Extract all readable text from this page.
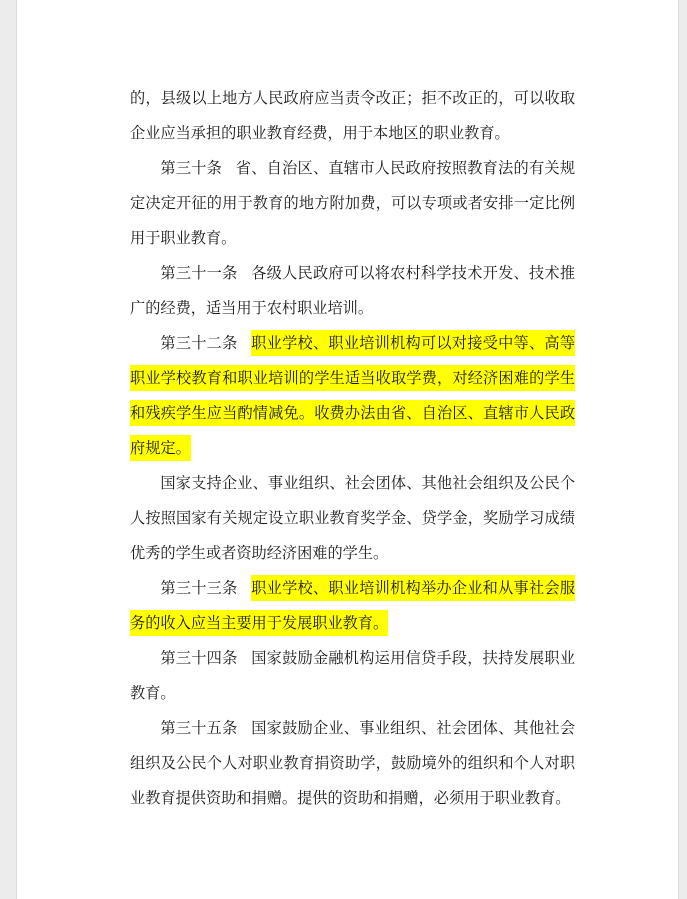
的，县级以上地方人民政府应当责令改正；拒不改正的，可以收取企业应当承担的职业教育经费，用于本地区的职业教育。

第三十条 省、自治区、直辖市人民政府按照教育法的有关规定决定开征的用于教育的地方附加费，可以专项或者安排一定比例用于职业教育。

第三十一条 各级人民政府可以将农村科学技术开发、技术推广的经费，适当用于农村职业培训。

第三十二条 职业学校、职业培训机构可以对接受中等、高等职业学校教育和职业培训的学生适当收取学费，对经济困难的学生和残疾学生应当酌情减免。收费办法由省、自治区、直辖市人民政府规定。

国家支持企业、事业组织、社会团体、其他社会组织及公民个人按照国家有关规定设立职业教育奖学金、贷学金，奖励学习成绩优秀的学生或者资助经济困难的学生。

第三十三条 职业学校、职业培训机构举办企业和从事社会服务的收入应当主要用于发展职业教育。

第三十四条 国家鼓励金融机构运用信贷手段，扶持发展职业教育。

第三十五条 国家鼓励企业、事业组织、社会团体、其他社会组织及公民个人对职业教育捐资助学，鼓励境外的组织和个人对职业教育提供资助和捐赠。提供的资助和捐赠，必须用于职业教育。
